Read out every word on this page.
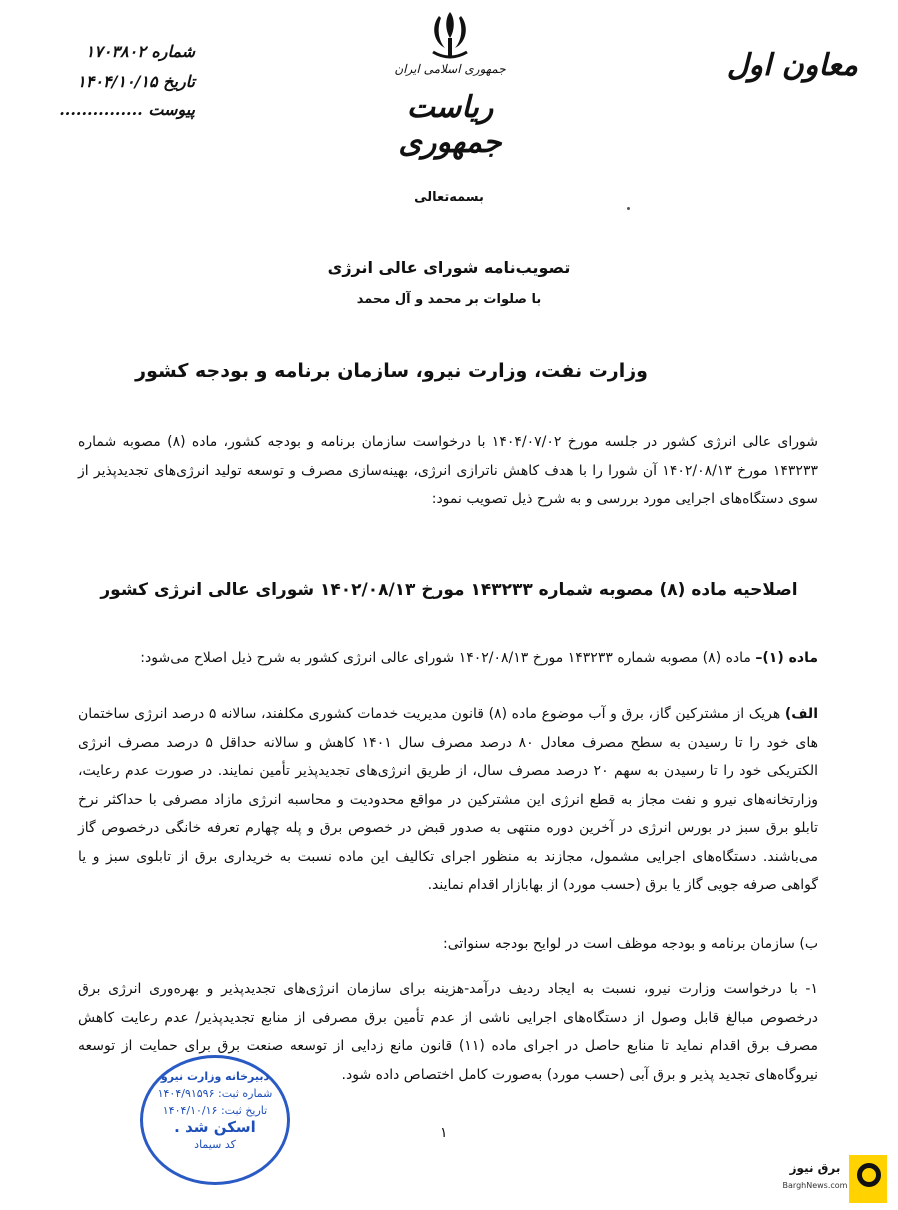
شماره ۱۷۰۳۸۰۲
تاریخ ۱۴۰۴/۱۰/۱۵
پیوست ...............
جمهوری اسلامی ایران
ریاست جمهوری
معاون اول
بسمه‌تعالی
تصویب‌نامه شورای عالی انرژی
با صلوات بر محمد و آل محمد
وزارت نفت، وزارت نیرو، سازمان برنامه و بودجه کشور
شورای عالی انرژی کشور در جلسه مورخ ۱۴۰۴/۰۷/۰۲ با درخواست سازمان برنامه و بودجه کشور، ماده (۸) مصوبه شماره ۱۴۳۲۳۳ مورخ ۱۴۰۲/۰۸/۱۳ آن شورا را با هدف کاهش ناترازی انرژی، بهینه‌سازی مصرف و توسعه تولید انرژی‌های تجدیدپذیر از سوی دستگاه‌های اجرایی مورد بررسی و به شرح ذیل تصویب نمود:
اصلاحیه ماده (۸) مصوبه شماره ۱۴۳۲۳۳ مورخ ۱۴۰۲/۰۸/۱۳ شورای عالی انرژی کشور
ماده (۱)– ماده (۸) مصوبه شماره ۱۴۳۲۳۳ مورخ ۱۴۰۲/۰۸/۱۳ شورای عالی انرژی کشور به شرح ذیل اصلاح می‌شود:
الف) هریک از مشترکین گاز، برق و آب موضوع ماده (۸) قانون مدیریت خدمات کشوری مکلفند، سالانه ۵ درصد انرژی ساختمان های خود را تا رسیدن به سطح مصرف معادل ۸۰ درصد مصرف سال ۱۴۰۱ کاهش و سالانه حداقل ۵ درصد مصرف انرژی الکتریکی خود را تا رسیدن به سهم ۲۰ درصد مصرف سال، از طریق انرژی‌های تجدیدپذیر تأمین نمایند. در صورت عدم رعایت، وزارتخانه‌های نیرو و نفت مجاز به قطع انرژی این مشترکین در مواقع محدودیت و محاسبه انرژی مازاد مصرفی با حداکثر نرخ تابلو برق سبز در بورس انرژی در آخرین دوره منتهی به صدور قبض در خصوص برق و پله چهارم تعرفه خانگی درخصوص گاز می‌باشند. دستگاه‌های اجرایی مشمول، مجازند به منظور اجرای تکالیف این ماده نسبت به خریداری برق از تابلوی سبز و یا گواهی صرفه جویی گاز یا برق (حسب مورد) از بهابازار اقدام نمایند.
ب) سازمان برنامه و بودجه موظف است در لوایح بودجه سنواتی:
۱- با درخواست وزارت نیرو، نسبت به ایجاد ردیف درآمد-هزینه برای سازمان انرژی‌های تجدیدپذیر و بهره‌وری انرژی برق درخصوص مبالغ قابل وصول از دستگاه‌های اجرایی ناشی از عدم تأمین برق مصرفی از منابع تجدیدپذیر/ عدم رعایت کاهش مصرف برق اقدام نماید تا منابع حاصل در اجرای ماده (۱۱) قانون مانع زدایی از توسعه صنعت برق برای حمایت از توسعه نیروگاه‌های تجدید پذیر و برق آبی (حسب مورد) به‌صورت کامل اختصاص داده شود.
۱
دبیرخانه وزارت نیرو
شماره ثبت: ۱۴۰۴/۹۱۵۹۶
تاریخ ثبت: ۱۴۰۴/۱۰/۱۶
اسکن شد .
کد سیماد
برق نیوز
BarghNews.com
